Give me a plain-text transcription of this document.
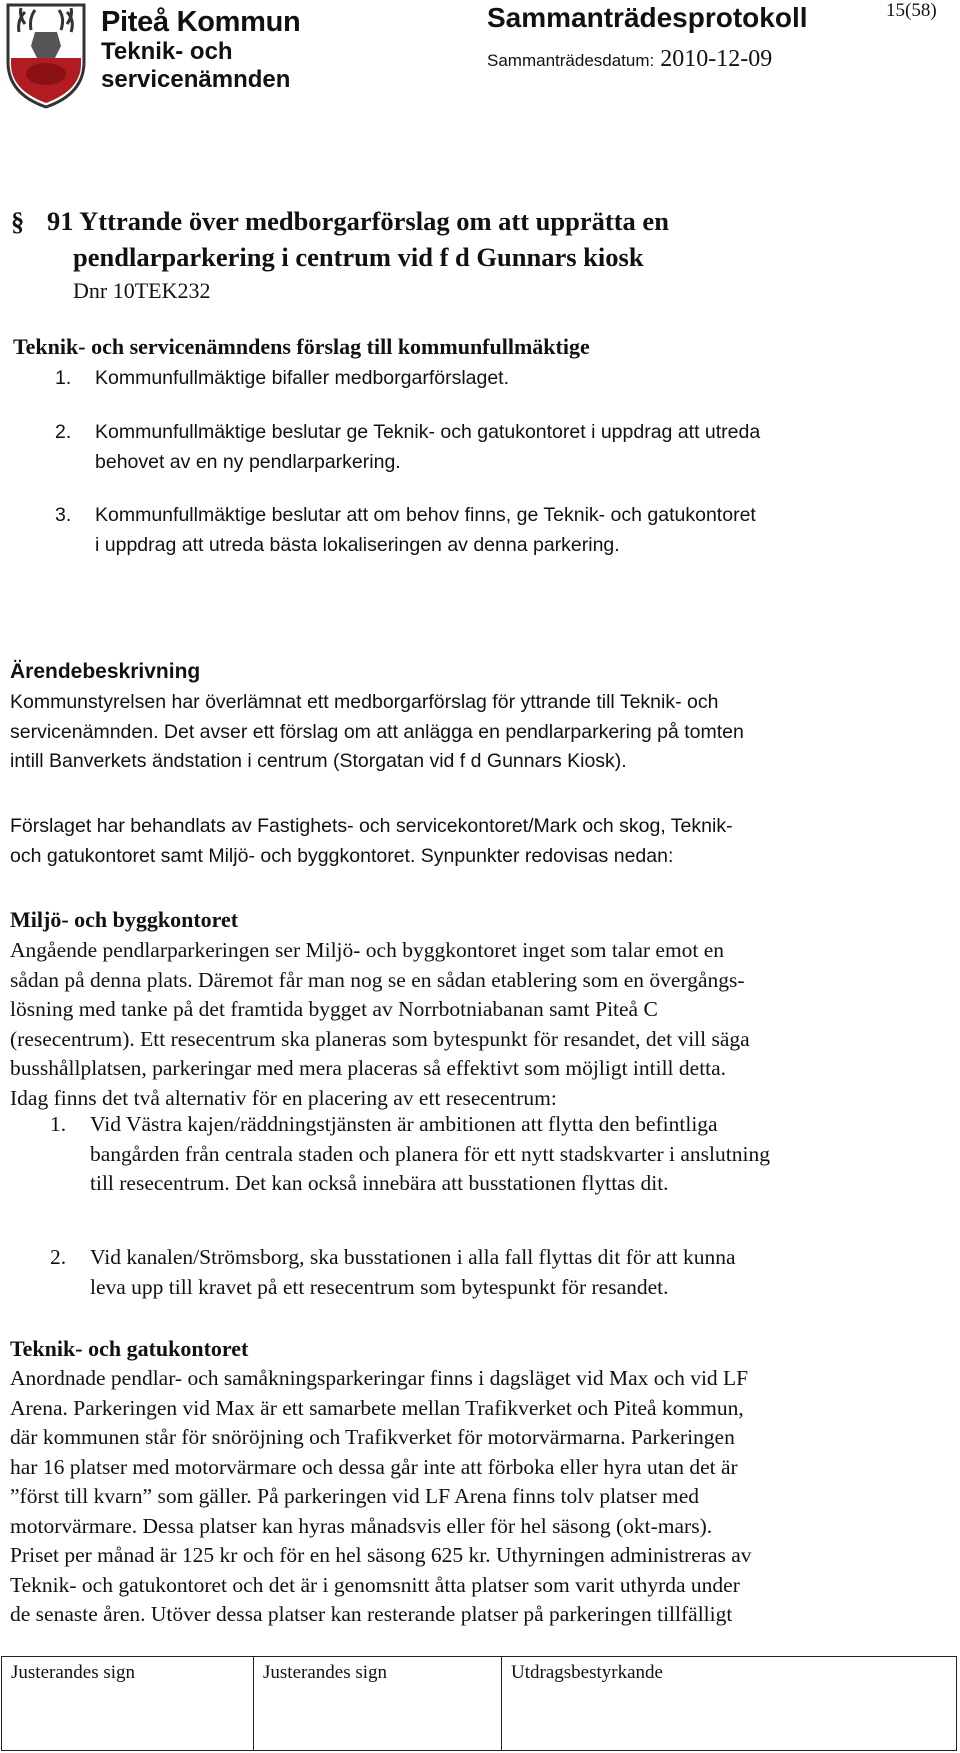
Piteå Kommun
Teknik- och servicenämnden
Sammanträdesprotokoll	15(58)
Sammanträdesdatum: 2010-12-09
§ 91 Yttrande över medborgarförslag om att upprätta en
pendlarparkering i centrum vid f d Gunnars kiosk
Dnr 10TEK232
Teknik- och servicenämndens förslag till kommunfullmäktige
1. Kommunfullmäktige bifaller medborgarförslaget.
2. Kommunfullmäktige beslutar ge Teknik- och gatukontoret i uppdrag att utreda
behovet av en ny pendlarparkering.
3. Kommunfullmäktige beslutar att om behov finns, ge Teknik- och gatukontoret
i uppdrag att utreda bästa lokaliseringen av denna parkering.
Ärendebeskrivning
Kommunstyrelsen har överlämnat ett medborgarförslag för yttrande till Teknik- och
servicenämnden. Det avser ett förslag om att anlägga en pendlarparkering på tomten
intill Banverkets ändstation i centrum (Storgatan vid f d Gunnars Kiosk).
Förslaget har behandlats av Fastighets- och servicekontoret/Mark och skog, Teknik-
och gatukontoret samt Miljö- och byggkontoret. Synpunkter redovisas nedan:
Miljö- och byggkontoret
Angående pendlarparkeringen ser Miljö- och byggkontoret inget som talar emot en
sådan på denna plats. Däremot får man nog se en sådan etablering som en övergångs-
lösning med tanke på det framtida bygget av Norrbotniabanan samt Piteå C
(resecentrum). Ett resecentrum ska planeras som bytespunkt för resandet, det vill säga
busshållplatsen, parkeringar med mera placeras så effektivt som möjligt intill detta.
Idag finns det två alternativ för en placering av ett resecentrum:
1. Vid Västra kajen/räddningstjänsten är ambitionen att flytta den befintliga
bangården från centrala staden och planera för ett nytt stadskvarter i anslutning
till resecentrum. Det kan också innebära att busstationen flyttas dit.
2. Vid kanalen/Strömsborg, ska busstationen i alla fall flyttas dit för att kunna
leva upp till kravet på ett resecentrum som bytespunkt för resandet.
Teknik- och gatukontoret
Anordnade pendlar- och samåkningsparkeringar finns i dagsläget vid Max och vid LF
Arena. Parkeringen vid Max är ett samarbete mellan Trafikverket och Piteå kommun,
där kommunen står för snöröjning och Trafikverket för motorvärmarna. Parkeringen
har 16 platser med motorvärmare och dessa går inte att förboka eller hyra utan det är
”först till kvarn” som gäller. På parkeringen vid LF Arena finns tolv platser med
motorvärmare. Dessa platser kan hyras månadsvis eller för hel säsong (okt-mars).
Priset per månad är 125 kr och för en hel säsong 625 kr. Uthyrningen administreras av
Teknik- och gatukontoret och det är i genomsnitt åtta platser som varit uthyrda under
de senaste åren. Utöver dessa platser kan resterande platser på parkeringen tillfälligt
Justerandes sign	Justerandes sign	Utdragsbestyrkande
